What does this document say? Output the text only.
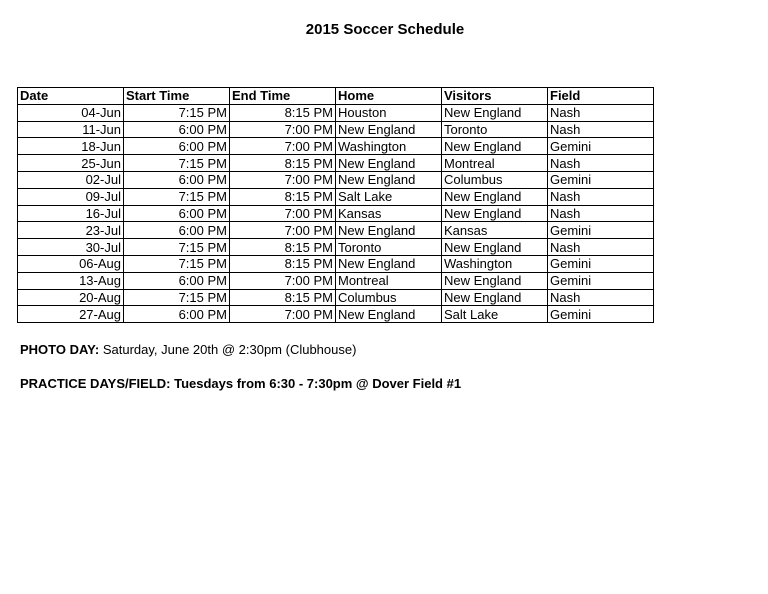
2015 Soccer Schedule
Date	Start Time	End Time	Home	Visitors	Field
04-Jun	7:15 PM	8:15 PM	Houston	New England	Nash
11-Jun	6:00 PM	7:00 PM	New England	Toronto	Nash
18-Jun	6:00 PM	7:00 PM	Washington	New England	Gemini
25-Jun	7:15 PM	8:15 PM	New England	Montreal	Nash
02-Jul	6:00 PM	7:00 PM	New England	Columbus	Gemini
09-Jul	7:15 PM	8:15 PM	Salt Lake	New England	Nash
16-Jul	6:00 PM	7:00 PM	Kansas	New England	Nash
23-Jul	6:00 PM	7:00 PM	New England	Kansas	Gemini
30-Jul	7:15 PM	8:15 PM	Toronto	New England	Nash
06-Aug	7:15 PM	8:15 PM	New England	Washington	Gemini
13-Aug	6:00 PM	7:00 PM	Montreal	New England	Gemini
20-Aug	7:15 PM	8:15 PM	Columbus	New England	Nash
27-Aug	6:00 PM	7:00 PM	New England	Salt Lake	Gemini
PHOTO DAY: Saturday, June 20th @ 2:30pm (Clubhouse)
PRACTICE DAYS/FIELD: Tuesdays from 6:30 - 7:30pm @ Dover Field #1
